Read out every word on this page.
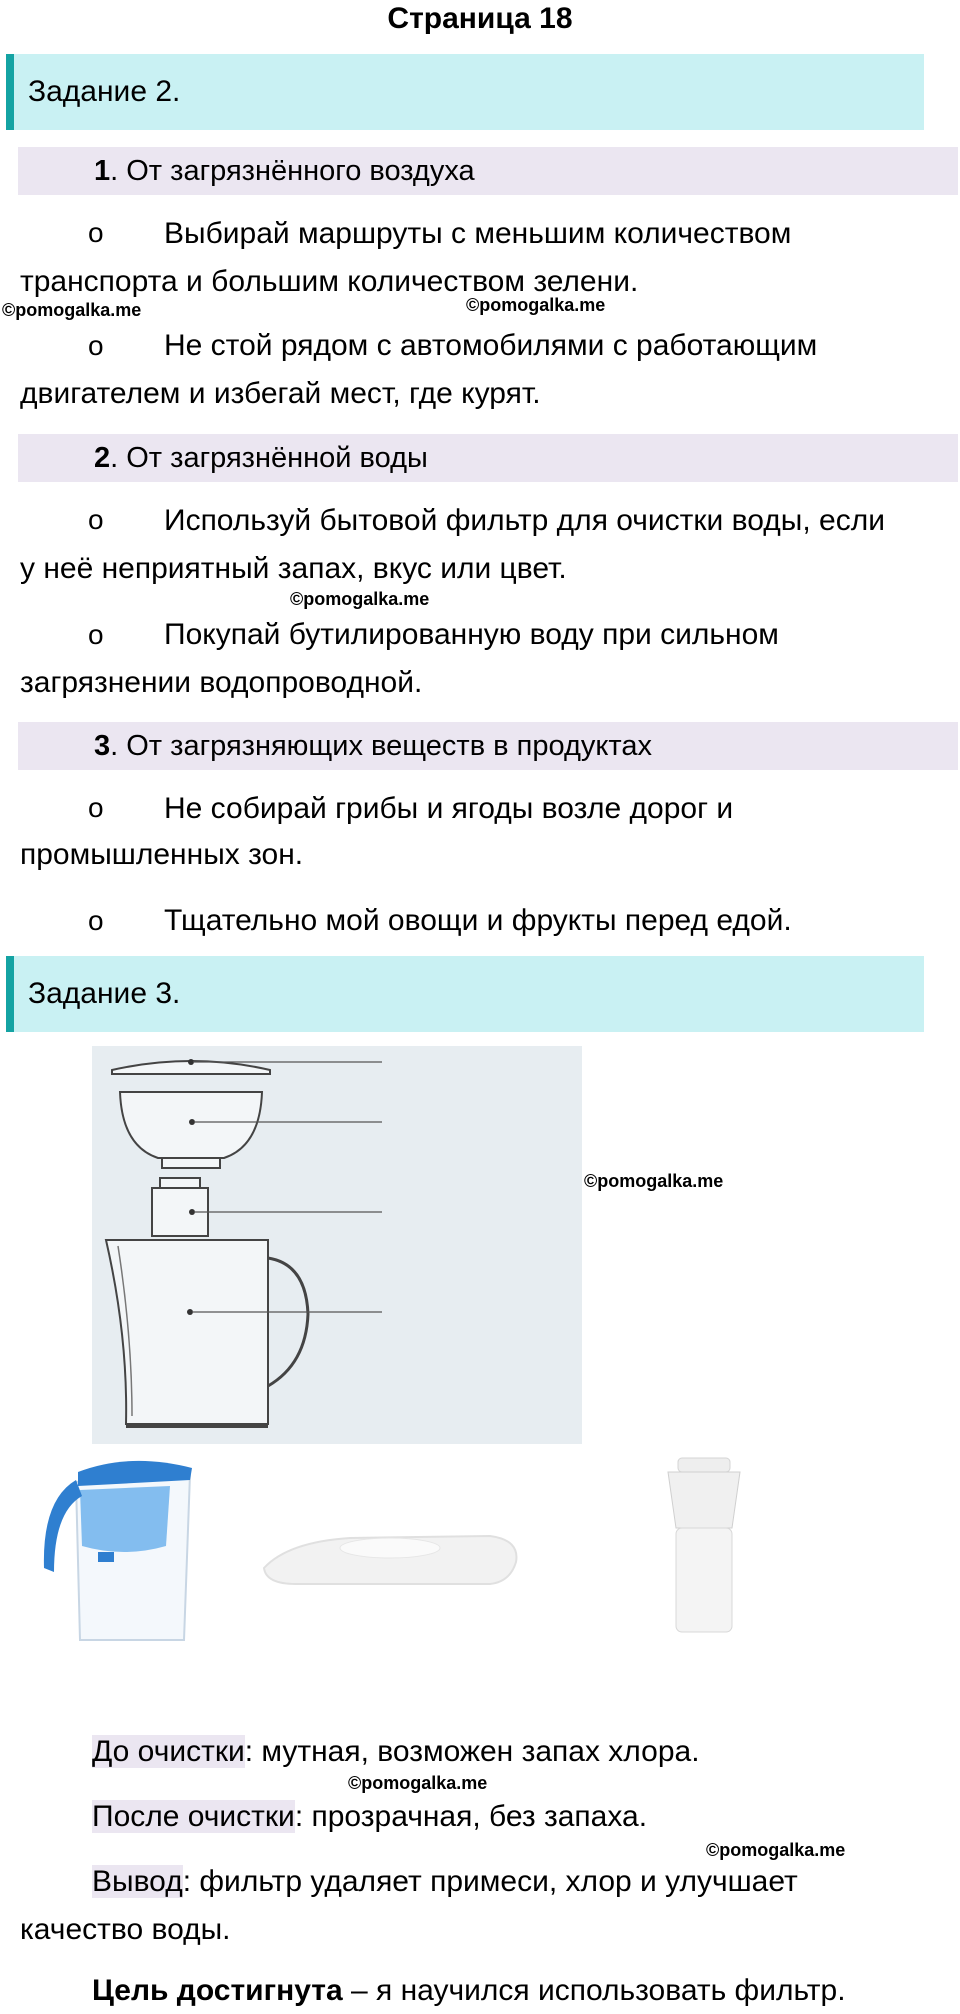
Страница 18
Задание 2.
1. От загрязнённого воздуха
o Выбирай маршруты с меньшим количеством
транспорта и большим количеством зелени.
©pomogalka.me	©pomogalka.me
o Не стой рядом с автомобилями с работающим
двигателем и избегай мест, где курят.
2. От загрязнённой воды
o Используй бытовой фильтр для очистки воды, если
у неё неприятный запах, вкус или цвет.
©pomogalka.me
o Покупай бутилированную воду при сильном
загрязнении водопроводной.
3. От загрязняющих веществ в продуктах
o Не собирай грибы и ягоды возле дорог и
промышленных зон.
o Тщательно мой овощи и фрукты перед едой.
Задание 3.
©pomogalka.me
До очистки: мутная, возможен запах хлора.
©pomogalka.me
После очистки: прозрачная, без запаха.
©pomogalka.me
Вывод: фильтр удаляет примеси, хлор и улучшает
качество воды.
Цель достигнута – я научился использовать фильтр.
